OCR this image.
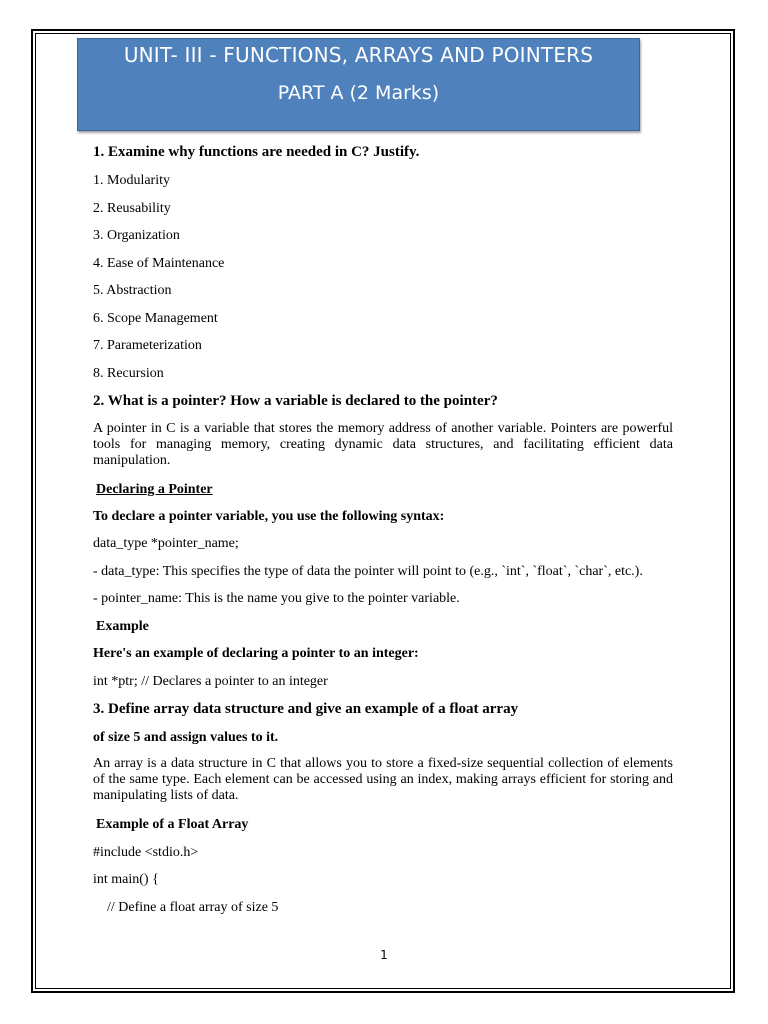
UNIT- III - FUNCTIONS, ARRAYS AND POINTERS
PART A (2 Marks)
1. Examine why functions are needed in C? Justify.
1. Modularity
2. Reusability
3. Organization
4. Ease of Maintenance
5. Abstraction
6. Scope Management
7. Parameterization
8. Recursion
2. What is a pointer? How a variable is declared to the pointer?
A pointer in C is a variable that stores the memory address of another variable. Pointers are powerful tools for managing memory, creating dynamic data structures, and facilitating efficient data manipulation.
Declaring a Pointer
To declare a pointer variable, you use the following syntax:
data_type *pointer_name;
- data_type: This specifies the type of data the pointer will point to (e.g., `int`, `float`, `char`, etc.).
- pointer_name: This is the name you give to the pointer variable.
Example
Here's an example of declaring a pointer to an integer:
int *ptr; // Declares a pointer to an integer
3. Define array data structure and give an example of a float array
of size 5 and assign values to it.
An array is a data structure in C that allows you to store a fixed-size sequential collection of elements of the same type. Each element can be accessed using an index, making arrays efficient for storing and manipulating lists of data.
Example of a Float Array
#include <stdio.h>
int main() {
// Define a float array of size 5
1
